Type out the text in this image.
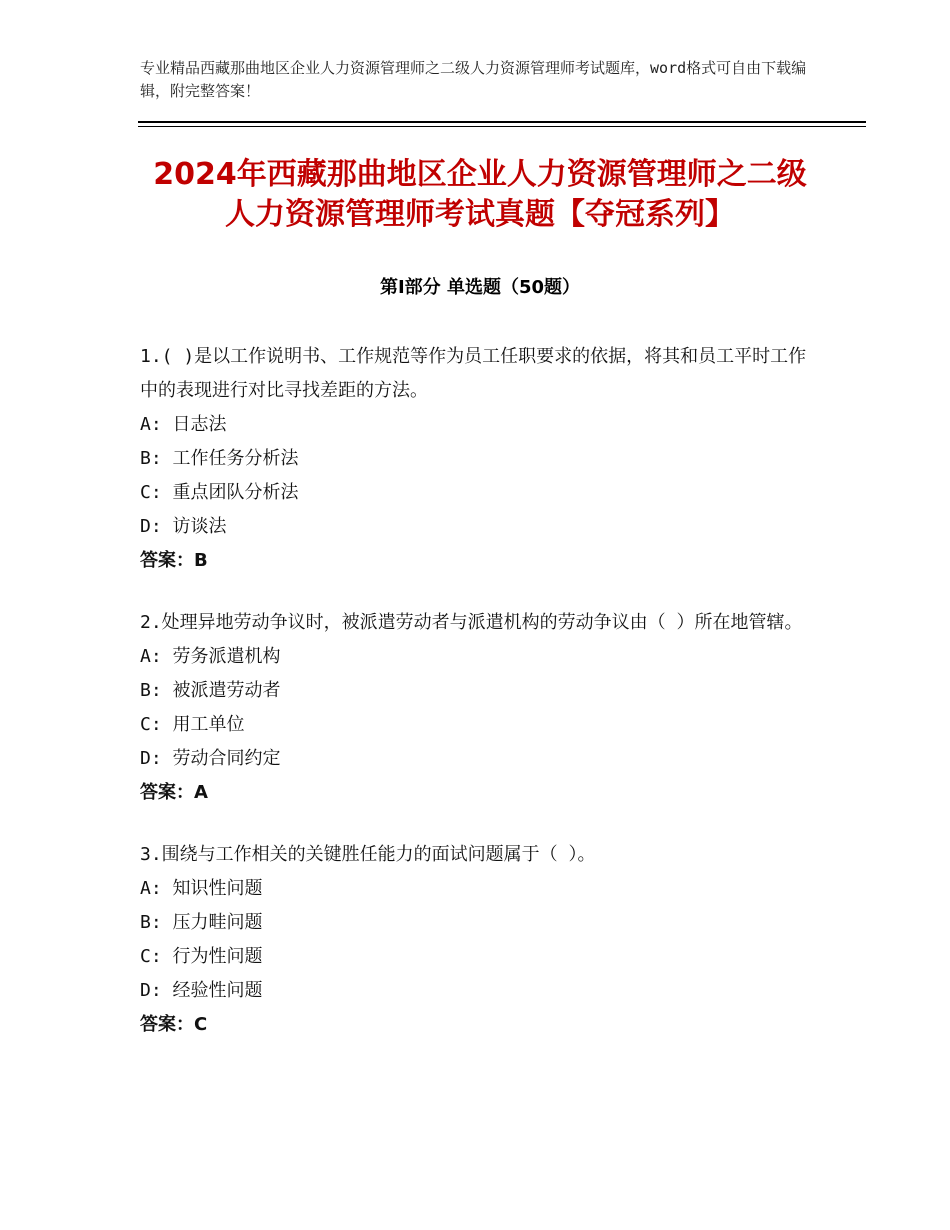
专业精品西藏那曲地区企业人力资源管理师之二级人力资源管理师考试题库，word格式可自由下载编辑，附完整答案！
2024年西藏那曲地区企业人力资源管理师之二级人力资源管理师考试真题【夺冠系列】
第Ⅰ部分 单选题（50题）

1.( )是以工作说明书、工作规范等作为员工任职要求的依据，将其和员工平时工作中的表现进行对比寻找差距的方法。

A: 日志法

B: 工作任务分析法

C: 重点团队分析法

D: 访谈法

答案：B

2.处理异地劳动争议时，被派遣劳动者与派遣机构的劳动争议由（ ）所在地管辖。

A: 劳务派遣机构

B: 被派遣劳动者

C: 用工单位

D: 劳动合同约定

答案：A

3.围绕与工作相关的关键胜任能力的面试问题属于（ ）。

A: 知识性问题

B: 压力畦问题

C: 行为性问题

D: 经验性问题

答案：C
